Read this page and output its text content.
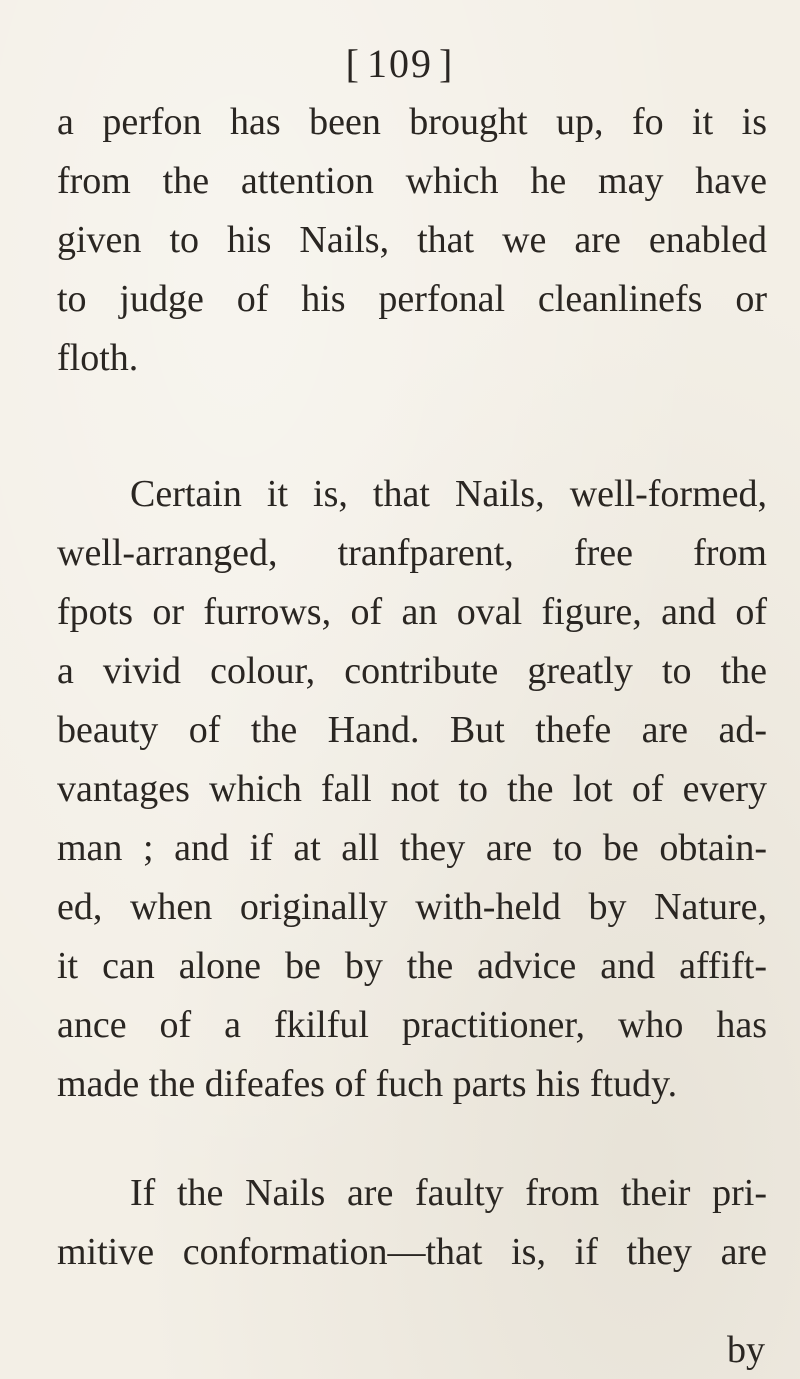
[ 109 ]
a perfon has been brought up, fo it is
from the attention which he may have
given to his Nails, that we are enabled
to judge of his perfonal cleanlinefs or
floth.
Certain it is, that Nails, well-formed,
well-arranged, tranfparent, free from
fpots or furrows, of an oval figure, and of
a vivid colour, contribute greatly to the
beauty of the Hand. But thefe are ad-
vantages which fall not to the lot of every
man ; and if at all they are to be obtain-
ed, when originally with-held by Nature,
it can alone be by the advice and affift-
ance of a fkilful practitioner, who has
made the difeafes of fuch parts his ftudy.
If the Nails are faulty from their pri-
mitive conformation—that is, if they are
by
